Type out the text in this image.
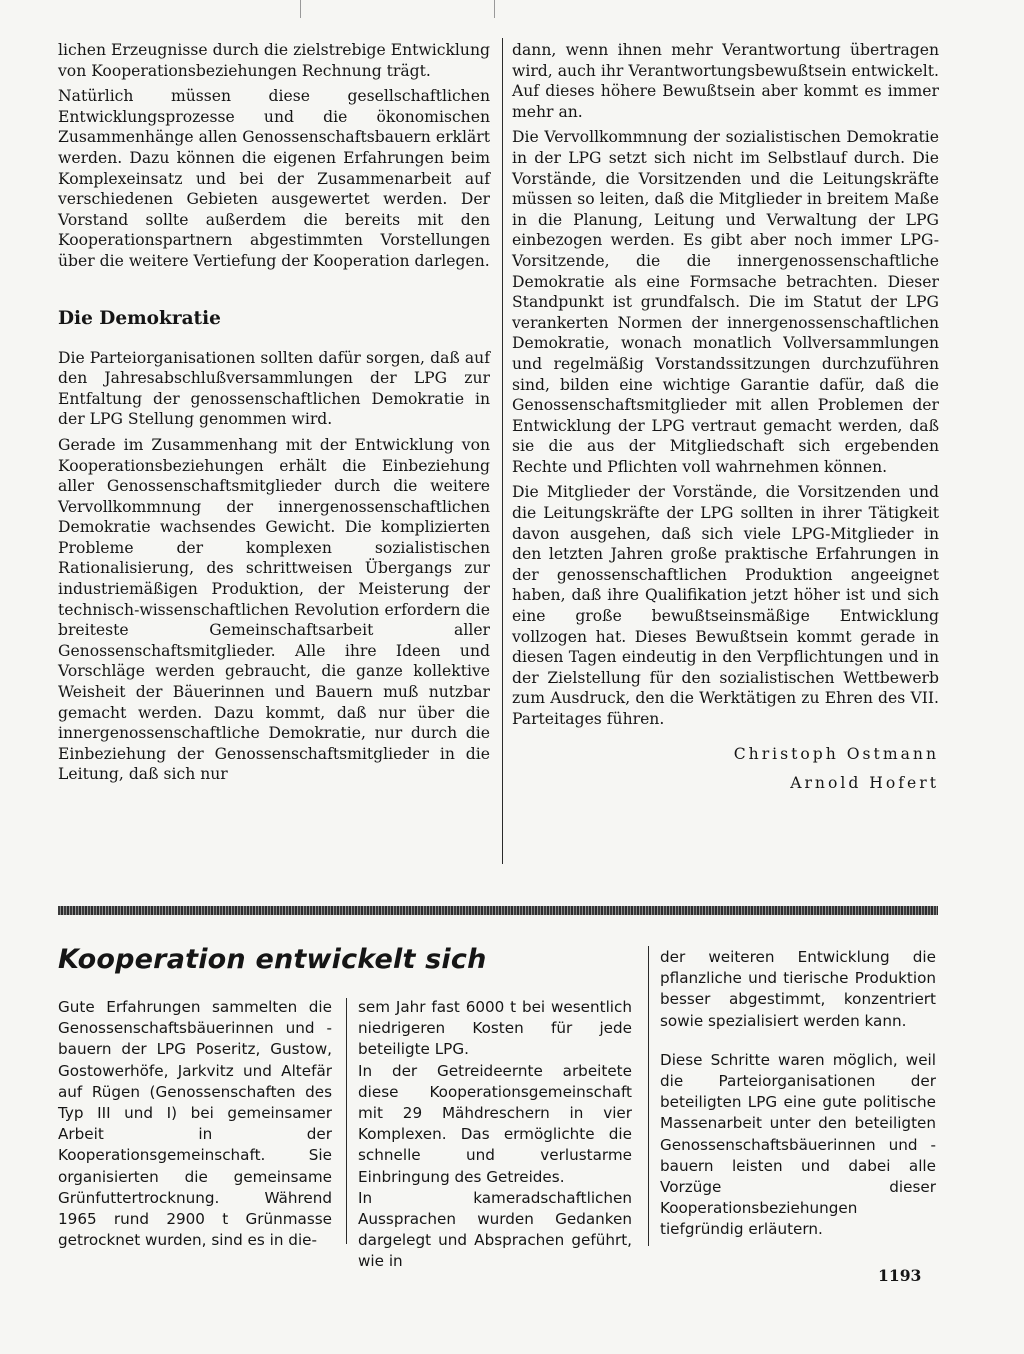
lichen Erzeugnisse durch die zielstrebige Entwicklung von Kooperationsbeziehungen Rechnung trägt.

Natürlich müssen diese gesellschaftlichen Entwicklungsprozesse und die ökonomischen Zusammenhänge allen Genossenschaftsbauern erklärt werden. Dazu können die eigenen Erfahrungen beim Komplexeinsatz und bei der Zusammenarbeit auf verschiedenen Gebieten ausgewertet werden. Der Vorstand sollte außerdem die bereits mit den Kooperationspartnern abgestimmten Vorstellungen über die weitere Vertiefung der Kooperation darlegen.

Die Demokratie

Die Parteiorganisationen sollten dafür sorgen, daß auf den Jahresabschlußversammlungen der LPG zur Entfaltung der genossenschaftlichen Demokratie in der LPG Stellung genommen wird.

Gerade im Zusammenhang mit der Entwicklung von Kooperationsbeziehungen erhält die Einbeziehung aller Genossenschaftsmitglieder durch die weitere Vervollkommnung der innergenossenschaftlichen Demokratie wachsendes Gewicht. Die komplizierten Probleme der komplexen sozialistischen Rationalisierung, des schrittweisen Übergangs zur industriemäßigen Produktion, der Meisterung der technisch-wissenschaftlichen Revolution erfordern die breiteste Gemeinschaftsarbeit aller Genossenschaftsmitglieder. Alle ihre Ideen und Vorschläge werden gebraucht, die ganze kollektive Weisheit der Bäuerinnen und Bauern muß nutzbar gemacht werden. Dazu kommt, daß nur über die innergenossenschaftliche Demokratie, nur durch die Einbeziehung der Genossenschaftsmitglieder in die Leitung, daß sich nur

dann, wenn ihnen mehr Verantwortung übertragen wird, auch ihr Verantwortungsbewußtsein entwickelt. Auf dieses höhere Bewußtsein aber kommt es immer mehr an.

Die Vervollkommnung der sozialistischen Demokratie in der LPG setzt sich nicht im Selbstlauf durch. Die Vorstände, die Vorsitzenden und die Leitungskräfte müssen so leiten, daß die Mitglieder in breitem Maße in die Planung, Leitung und Verwaltung der LPG einbezogen werden. Es gibt aber noch immer LPG-Vorsitzende, die die innergenossenschaftliche Demokratie als eine Formsache betrachten. Dieser Standpunkt ist grundfalsch. Die im Statut der LPG verankerten Normen der innergenossenschaftlichen Demokratie, wonach monatlich Vollversammlungen und regelmäßig Vorstandssitzungen durchzuführen sind, bilden eine wichtige Garantie dafür, daß die Genossenschaftsmitglieder mit allen Problemen der Entwicklung der LPG vertraut gemacht werden, daß sie die aus der Mitgliedschaft sich ergebenden Rechte und Pflichten voll wahrnehmen können.

Die Mitglieder der Vorstände, die Vorsitzenden und die Leitungskräfte der LPG sollten in ihrer Tätigkeit davon ausgehen, daß sich viele LPG-Mitglieder in den letzten Jahren große praktische Erfahrungen in der genossenschaftlichen Produktion angeeignet haben, daß ihre Qualifikation jetzt höher ist und sich eine große bewußtseinsmäßige Entwicklung vollzogen hat. Dieses Bewußtsein kommt gerade in diesen Tagen eindeutig in den Verpflichtungen und in der Zielstellung für den sozialistischen Wettbewerb zum Ausdruck, den die Werktätigen zu Ehren des VII. Parteitages führen.

Christoph Ostmann
Arnold Hofert
Kooperation entwickelt sich

Gute Erfahrungen sammelten die Genossenschaftsbäuerinnen und -bauern der LPG Poseritz, Gustow, Gostowerhöfe, Jarkvitz und Altefär auf Rügen (Genossenschaften des Typ III und I) bei gemeinsamer Arbeit in der Kooperationsgemeinschaft. Sie organisierten die gemeinsame Grünfuttertrocknung. Während 1965 rund 2900 t Grünmasse getrocknet wurden, sind es in die-

sem Jahr fast 6000 t bei wesentlich niedrigeren Kosten für jede beteiligte LPG.

In der Getreideernte arbeitete diese Kooperationsgemeinschaft mit 29 Mähdreschern in vier Komplexen. Das ermöglichte die schnelle und verlustarme Einbringung des Getreides.

In kameradschaftlichen Aussprachen wurden Gedanken dargelegt und Absprachen geführt, wie in

der weiteren Entwicklung die pflanzliche und tierische Produktion besser abgestimmt, konzentriert sowie spezialisiert werden kann.

Diese Schritte waren möglich, weil die Parteiorganisationen der beteiligten LPG eine gute politische Massenarbeit unter den beteiligten Genossenschaftsbäuerinnen und -bauern leisten und dabei alle Vorzüge dieser Kooperationsbeziehungen tiefgründig erläutern.

1193
